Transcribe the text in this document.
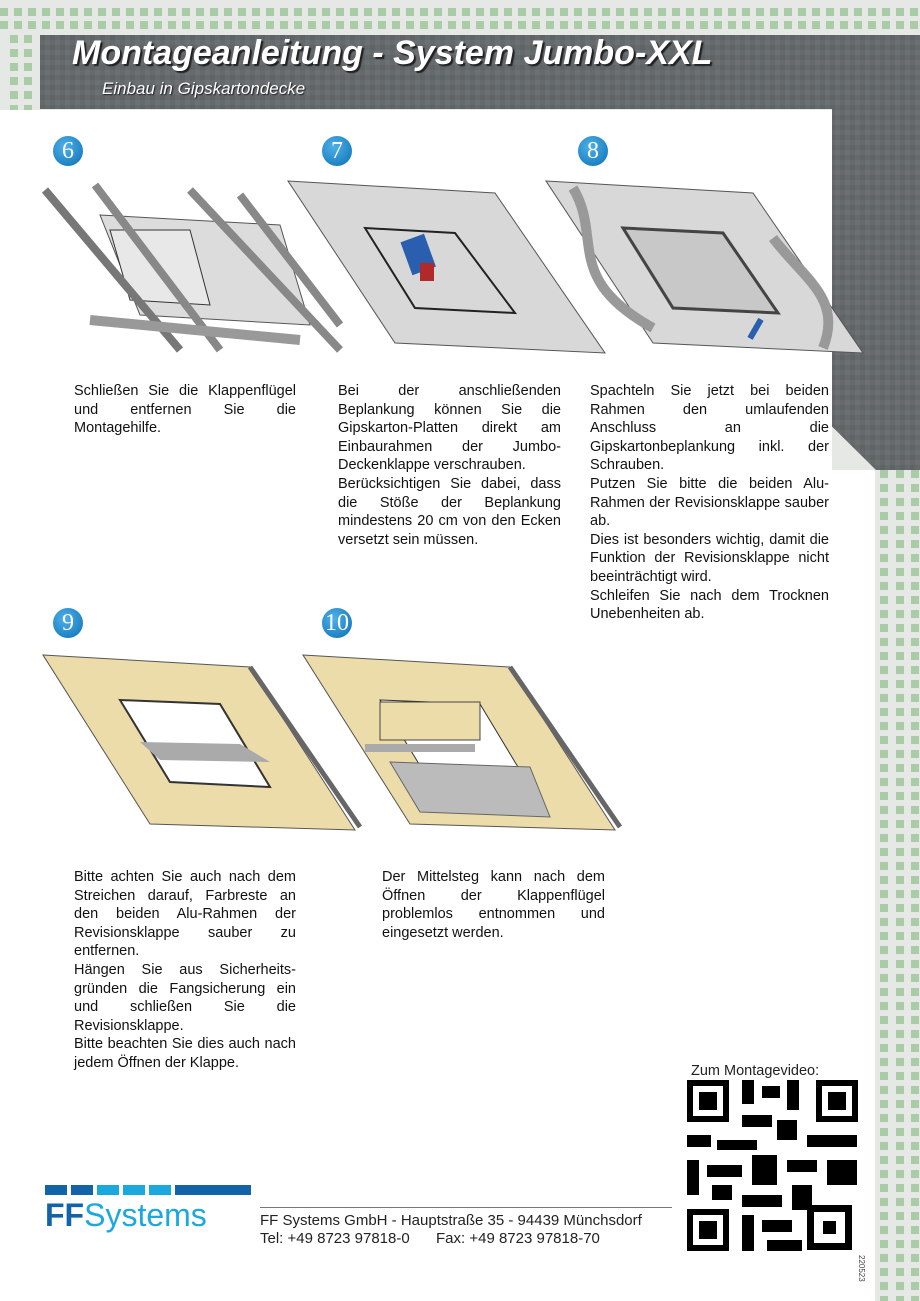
Montageanleitung - System Jumbo-XXL
Einbau in Gipskartondecke
6

Schließen Sie die Klappenflügel und entfernen Sie die Montagehilfe.

7

Bei der anschließenden Beplankung können Sie die Gipskarton-Platten direkt am Einbaurahmen der Jumbo-Deckenklappe verschrauben.

Berücksichtigen Sie dabei, dass die Stöße der Beplankung mindestens 20 cm von den Ecken versetzt sein müssen.

8

Spachteln Sie jetzt bei beiden Rahmen den umlaufenden Anschluss an die Gipskartonbeplankung inkl. der Schrauben.

Putzen Sie bitte die beiden Alu-Rahmen der Revisionsklappe sauber ab.

Dies ist besonders wichtig, damit die Funktion der Revisionsklappe nicht beeinträchtigt wird.

Schleifen Sie nach dem Trocknen Unebenheiten ab.

9

Bitte achten Sie auch nach dem Streichen darauf, Farbreste an den beiden Alu-Rahmen der Revisionsklappe sauber zu entfernen.

Hängen Sie aus Sicherheits-gründen die Fangsicherung ein und schließen Sie die Revisionsklappe.

Bitte beachten Sie dies auch nach jedem Öffnen der Klappe.

10

Der Mittelsteg kann nach dem Öffnen der Klappenflügel problemlos entnommen und eingesetzt werden.

Zum Montagevideo:
220523
FFSystems	FF Systems GmbH - Hauptstraße 35 - 94439 Münchsdorf
Tel: +49 8723 97818-0 Fax: +49 8723 97818-70
